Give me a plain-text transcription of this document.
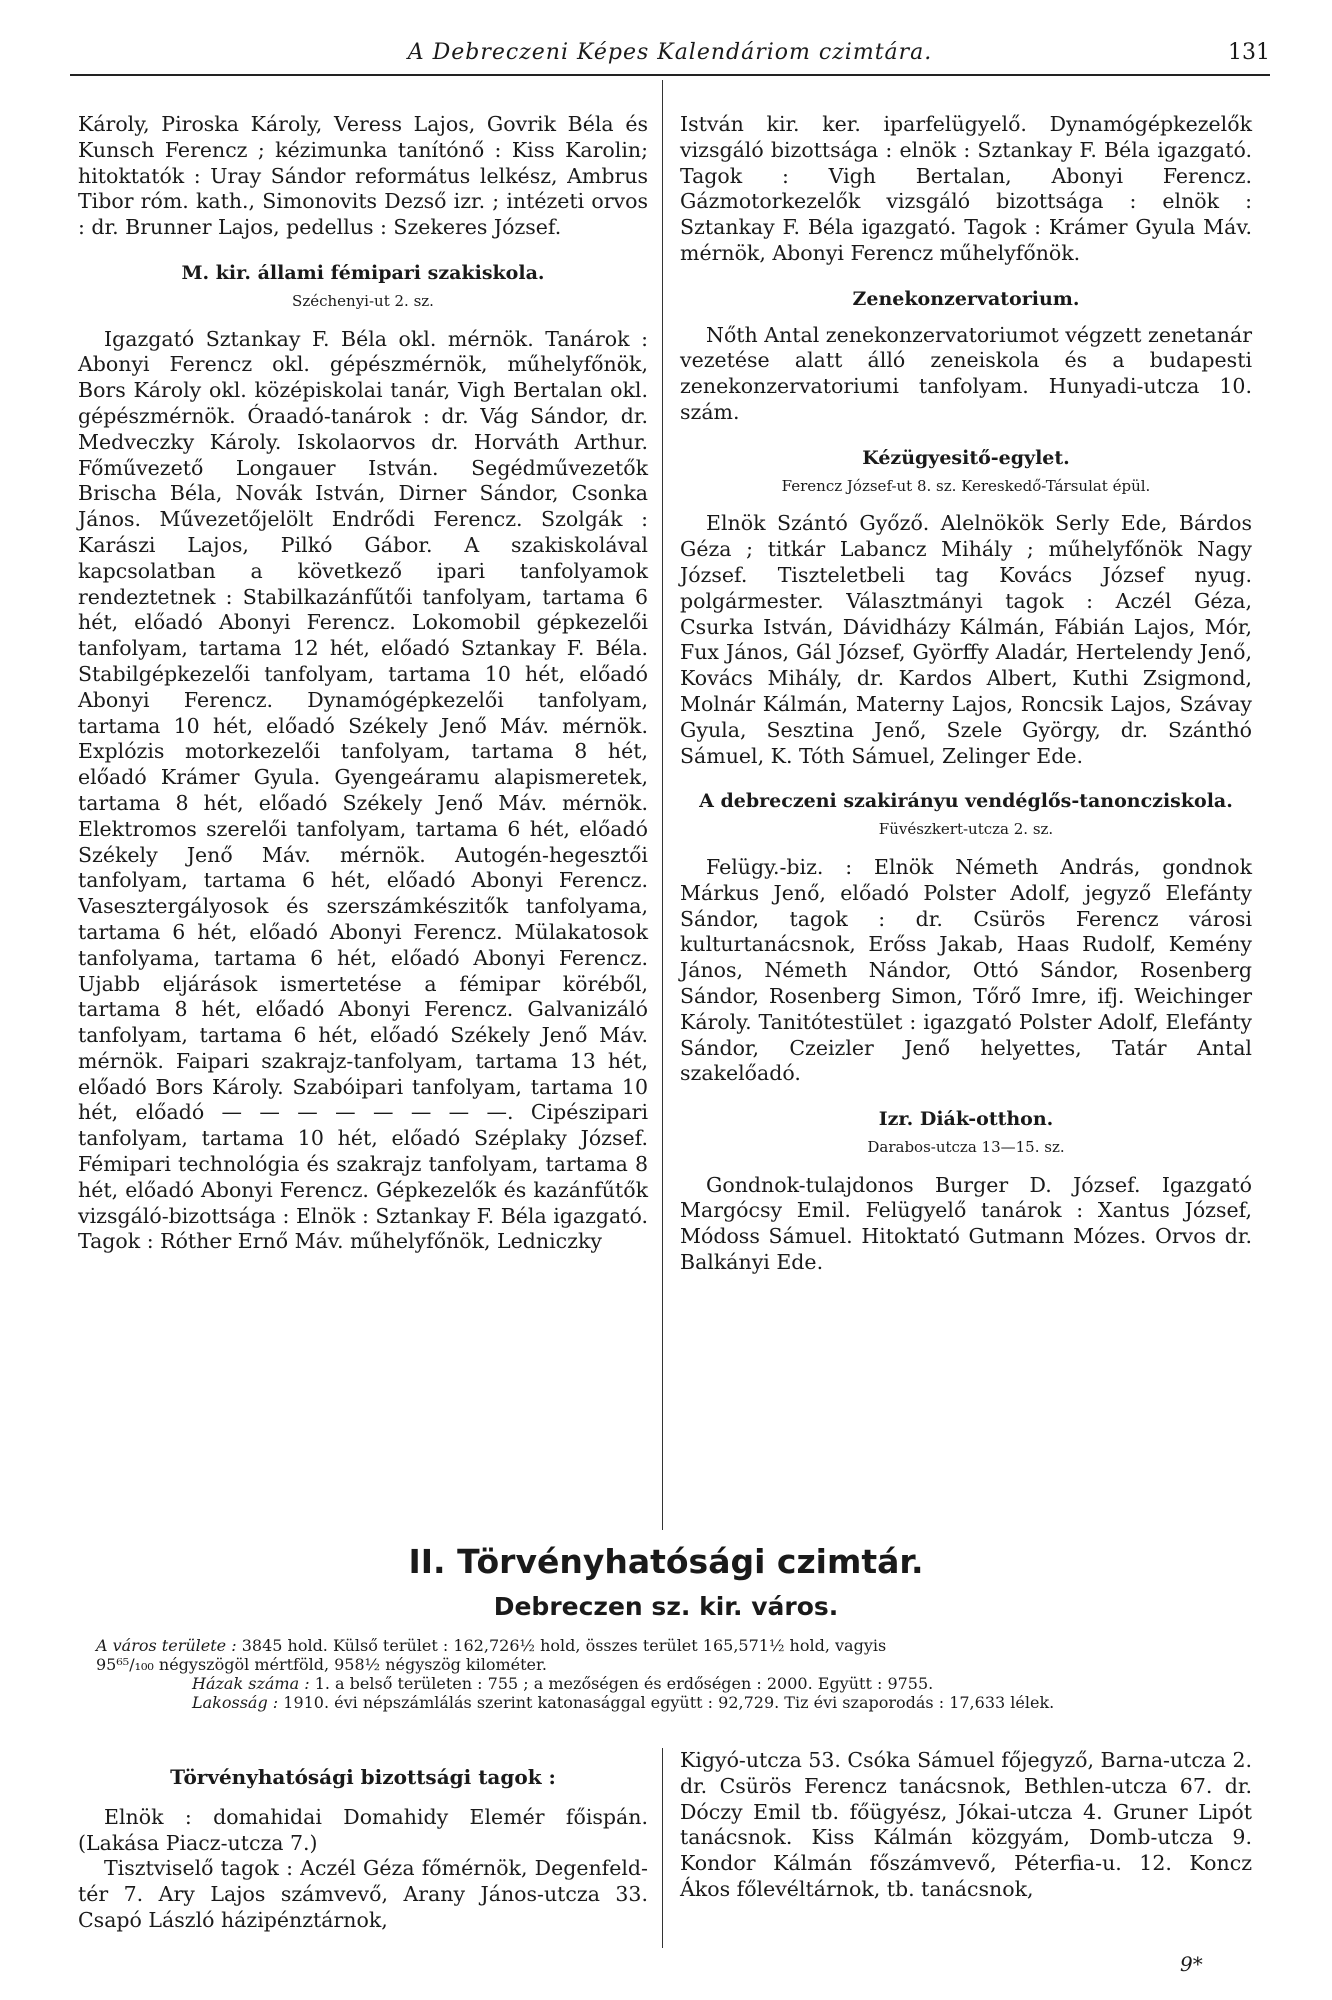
A Debreczeni Képes Kalendáriom czimtára.	131

Károly, Piroska Károly, Veress Lajos, Govrik Béla és Kunsch Ferencz ; kézimunka tanítónő : Kiss Karolin; hitoktatók : Uray Sándor református lelkész, Ambrus Tibor róm. kath., Simonovits Dezső izr. ; intézeti orvos : dr. Brunner Lajos, pedellus : Szekeres József.

M. kir. állami fémipari szakiskola.
Széchenyi-ut 2. sz.

Igazgató Sztankay F. Béla okl. mérnök. Tanárok : Abonyi Ferencz okl. gépészmérnök, műhelyfőnök, Bors Károly okl. középiskolai tanár, Vigh Bertalan okl. gépészmérnök. Óraadó-tanárok : dr. Vág Sándor, dr. Medveczky Károly. Iskolaorvos dr. Horváth Arthur. Főművezető Longauer István. Segédművezetők Brischa Béla, Novák István, Dirner Sándor, Csonka János. Művezetőjelölt Endrődi Ferencz. Szolgák : Karászi Lajos, Pilkó Gábor. A szakiskolával kapcsolatban a következő ipari tanfolyamok rendeztetnek : Stabilkazánfűtői tanfolyam, tartama 6 hét, előadó Abonyi Ferencz. Lokomobil gépkezelői tanfolyam, tartama 12 hét, előadó Sztankay F. Béla. Stabilgépkezelői tanfolyam, tartama 10 hét, előadó Abonyi Ferencz. Dynamógépkezelői tanfolyam, tartama 10 hét, előadó Székely Jenő Máv. mérnök. Explózis motorkezelői tanfolyam, tartama 8 hét, előadó Krámer Gyula. Gyengeáramu alapismeretek, tartama 8 hét, előadó Székely Jenő Máv. mérnök. Elektromos szerelői tanfolyam, tartama 6 hét, előadó Székely Jenő Máv. mérnök. Autogén-hegesztői tanfolyam, tartama 6 hét, előadó Abonyi Ferencz. Vasesztergályosok és szerszámkészitők tanfolyama, tartama 6 hét, előadó Abonyi Ferencz. Mülakatosok tanfolyama, tartama 6 hét, előadó Abonyi Ferencz. Ujabb eljárások ismertetése a fémipar köréből, tartama 8 hét, előadó Abonyi Ferencz. Galvanizáló tanfolyam, tartama 6 hét, előadó Székely Jenő Máv. mérnök. Faipari szakrajz-tanfolyam, tartama 13 hét, előadó Bors Károly. Szabóipari tanfolyam, tartama 10 hét, előadó — — — — — — — —. Cipészipari tanfolyam, tartama 10 hét, előadó Széplaky József. Fémipari technológia és szakrajz tanfolyam, tartama 8 hét, előadó Abonyi Ferencz. Gépkezelők és kazánfűtők vizsgáló-bizottsága : Elnök : Sztankay F. Béla igazgató. Tagok : Róther Ernő Máv. műhelyfőnök, Ledniczky

István kir. ker. iparfelügyelő. Dynamógépkezelők vizsgáló bizottsága : elnök : Sztankay F. Béla igazgató. Tagok : Vigh Bertalan, Abonyi Ferencz. Gázmotorkezelők vizsgáló bizottsága : elnök : Sztankay F. Béla igazgató. Tagok : Krámer Gyula Máv. mérnök, Abonyi Ferencz műhelyfőnök.

Zenekonzervatorium.

Nőth Antal zenekonzervatoriumot végzett zenetanár vezetése alatt álló zeneiskola és a budapesti zenekonzervatoriumi tanfolyam. Hunyadi-utcza 10. szám.

Kézügyesitő-egylet.
Ferencz József-ut 8. sz. Kereskedő-Társulat épül.

Elnök Szántó Győző. Alelnökök Serly Ede, Bárdos Géza ; titkár Labancz Mihály ; műhelyfőnök Nagy József. Tiszteletbeli tag Kovács József nyug. polgármester. Választmányi tagok : Aczél Géza, Csurka István, Dávidházy Kálmán, Fábián Lajos, Mór, Fux János, Gál József, Györffy Aladár, Hertelendy Jenő, Kovács Mihály, dr. Kardos Albert, Kuthi Zsigmond, Molnár Kálmán, Materny Lajos, Roncsik Lajos, Szávay Gyula, Sesztina Jenő, Szele György, dr. Szánthó Sámuel, K. Tóth Sámuel, Zelinger Ede.

A debreczeni szakirányu vendéglős-tanoncziskola.
Füvészkert-utcza 2. sz.

Felügy.-biz. : Elnök Németh András, gondnok Márkus Jenő, előadó Polster Adolf, jegyző Elefánty Sándor, tagok : dr. Csürös Ferencz városi kulturtanácsnok, Erőss Jakab, Haas Rudolf, Kemény János, Németh Nándor, Ottó Sándor, Rosenberg Sándor, Rosenberg Simon, Tőrő Imre, ifj. Weichinger Károly. Tanitótestület : igazgató Polster Adolf, Elefánty Sándor, Czeizler Jenő helyettes, Tatár Antal szakelőadó.

Izr. Diák-otthon.
Darabos-utcza 13—15. sz.

Gondnok-tulajdonos Burger D. József. Igazgató Margócsy Emil. Felügyelő tanárok : Xantus József, Módoss Sámuel. Hitoktató Gutmann Mózes. Orvos dr. Balkányi Ede.

II. Törvényhatósági czimtár.
Debreczen sz. kir. város.

A város területe : 3845 hold. Külső terület : 162,726½ hold, összes terület 165,571½ hold, vagyis

95⁶⁵/₁₀₀ négyszögöl mértföld, 958½ négyszög kilométer.

Házak száma : 1. a belső területen : 755 ; a mezőségen és erdőségen : 2000. Együtt : 9755.

Lakosság : 1910. évi népszámlálás szerint katonasággal együtt : 92,729. Tiz évi szaporodás : 17,633 lélek.

Törvényhatósági bizottsági tagok :

Elnök : domahidai Domahidy Elemér főispán. (Lakása Piacz-utcza 7.)

Tisztviselő tagok : Aczél Géza főmérnök, Degenfeld-tér 7. Ary Lajos számvevő, Arany János-utcza 33. Csapó László házipénztárnok,

Kigyó-utcza 53. Csóka Sámuel főjegyző, Barna-utcza 2. dr. Csürös Ferencz tanácsnok, Bethlen-utcza 67. dr. Dóczy Emil tb. főügyész, Jókai-utcza 4. Gruner Lipót tanácsnok. Kiss Kálmán közgyám, Domb-utcza 9. Kondor Kálmán főszámvevő, Péterfia-u. 12. Koncz Ákos főlevéltárnok, tb. tanácsnok,

9*
